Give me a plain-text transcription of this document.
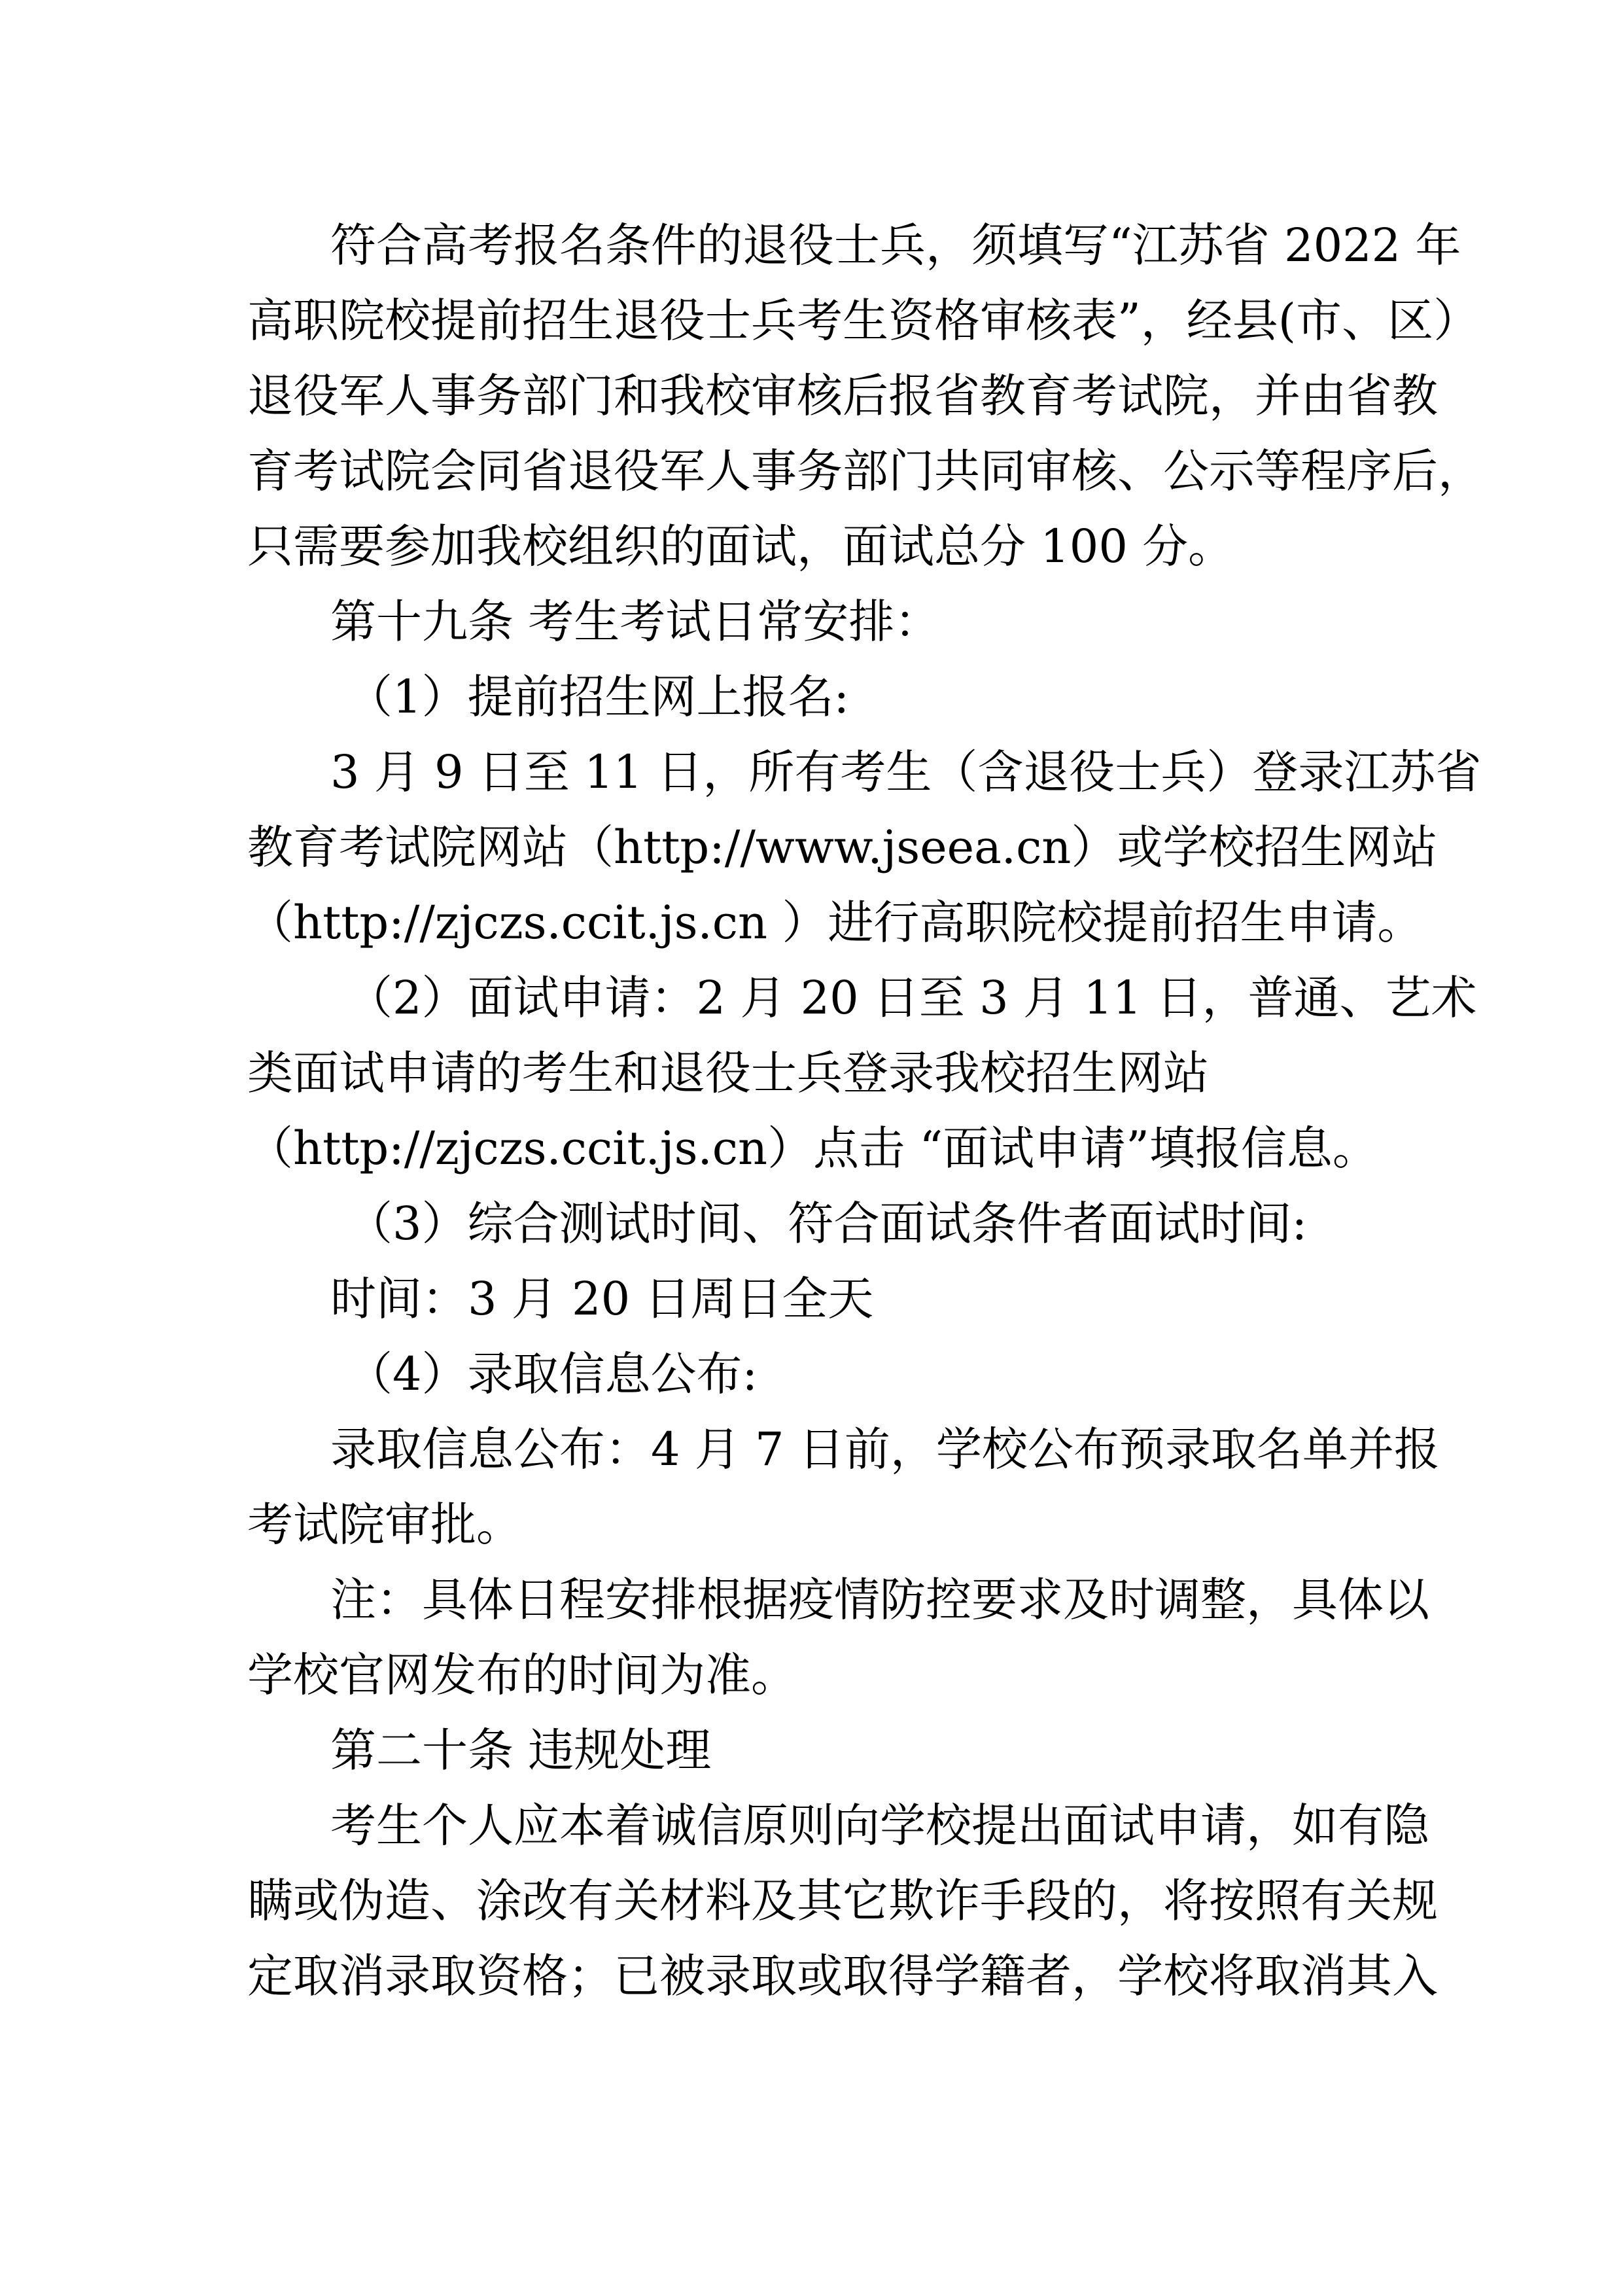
符合高考报名条件的退役士兵，须填写“江苏省 2022 年
高职院校提前招生退役士兵考生资格审核表”，经县(市、区）
退役军人事务部门和我校审核后报省教育考试院，并由省教
育考试院会同省退役军人事务部门共同审核、公示等程序后，
只需要参加我校组织的面试，面试总分 100 分。
第十九条 考生考试日常安排：
（1）提前招生网上报名:
3 月 9 日至 11 日，所有考生（含退役士兵）登录江苏省
教育考试院网站（http://www.jseea.cn）或学校招生网站
（http://zjczs.ccit.js.cn ）进行高职院校提前招生申请。
（2）面试申请：2 月 20 日至 3 月 11 日，普通、艺术
类面试申请的考生和退役士兵登录我校招生网站
（http://zjczs.ccit.js.cn）点击 “面试申请”填报信息。
（3）综合测试时间、符合面试条件者面试时间:
时间：3 月 20 日周日全天
（4）录取信息公布:
录取信息公布：4 月 7 日前，学校公布预录取名单并报
考试院审批。
注：具体日程安排根据疫情防控要求及时调整，具体以
学校官网发布的时间为准。
第二十条 违规处理
考生个人应本着诚信原则向学校提出面试申请，如有隐
瞒或伪造、涂改有关材料及其它欺诈手段的，将按照有关规
定取消录取资格；已被录取或取得学籍者，学校将取消其入
